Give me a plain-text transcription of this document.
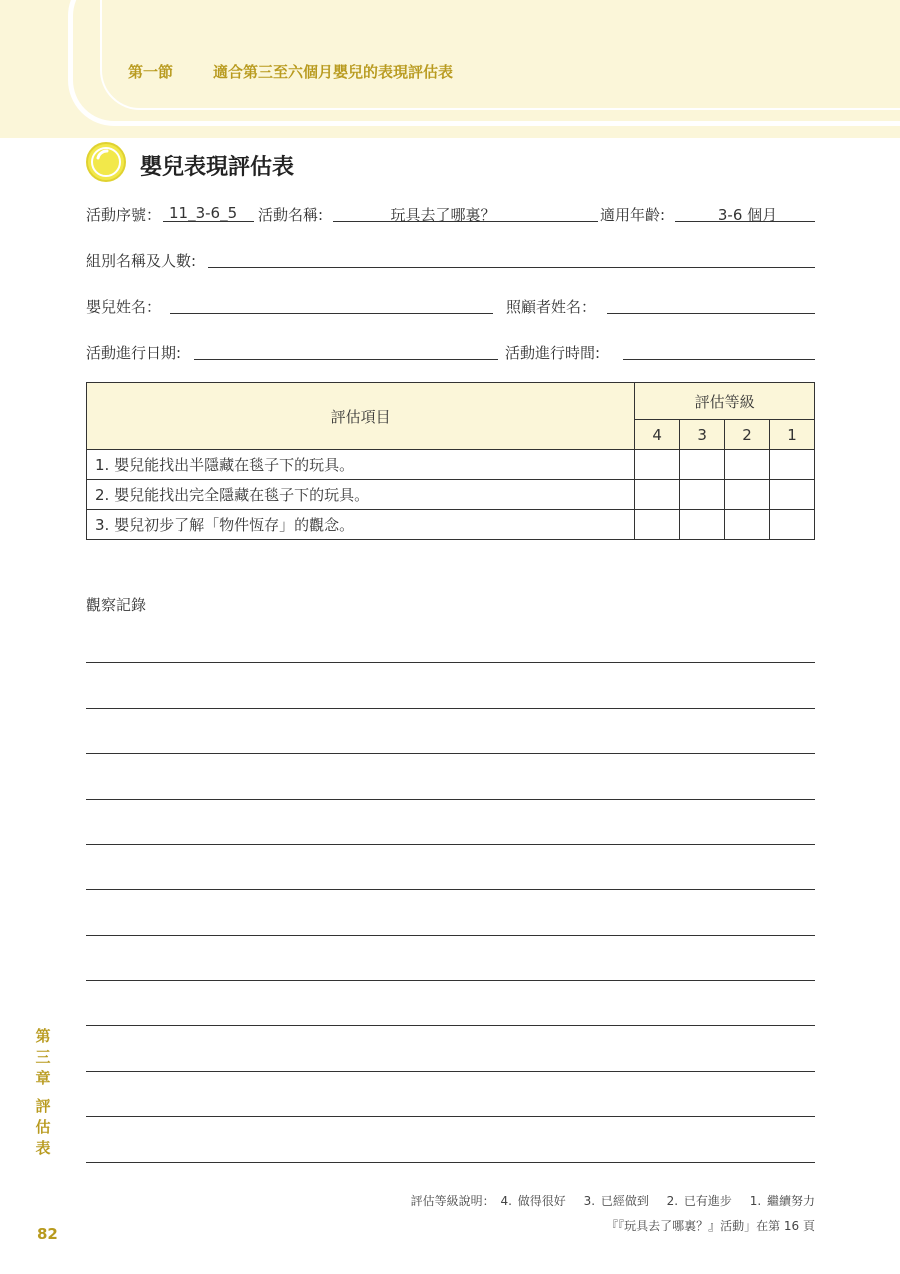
第一節	適合第三至六個月嬰兒的表現評估表
嬰兒表現評估表
活動序號： 11_3-6_5 活動名稱:	玩具去了哪裏？	適用年齡:	3-6 個月
組別名稱及人數:
嬰兒姓名：	照顧者姓名：
活動進行日期:	活動進行時間:
評估項目	評估等級			
	4	3	2	1
1. 嬰兒能找出半隱藏在毯子下的玩具。				
2. 嬰兒能找出完全隱藏在毯子下的玩具。				
3. 嬰兒初步了解「物件恆存」的觀念。				
觀察記錄
第
三
章
評
估
表
82
評估等級說明： 4. 做得很好　 3. 已經做到　 2. 已有進步　 1. 繼續努力
『『玩具去了哪裏？』活動」在第 16 頁
